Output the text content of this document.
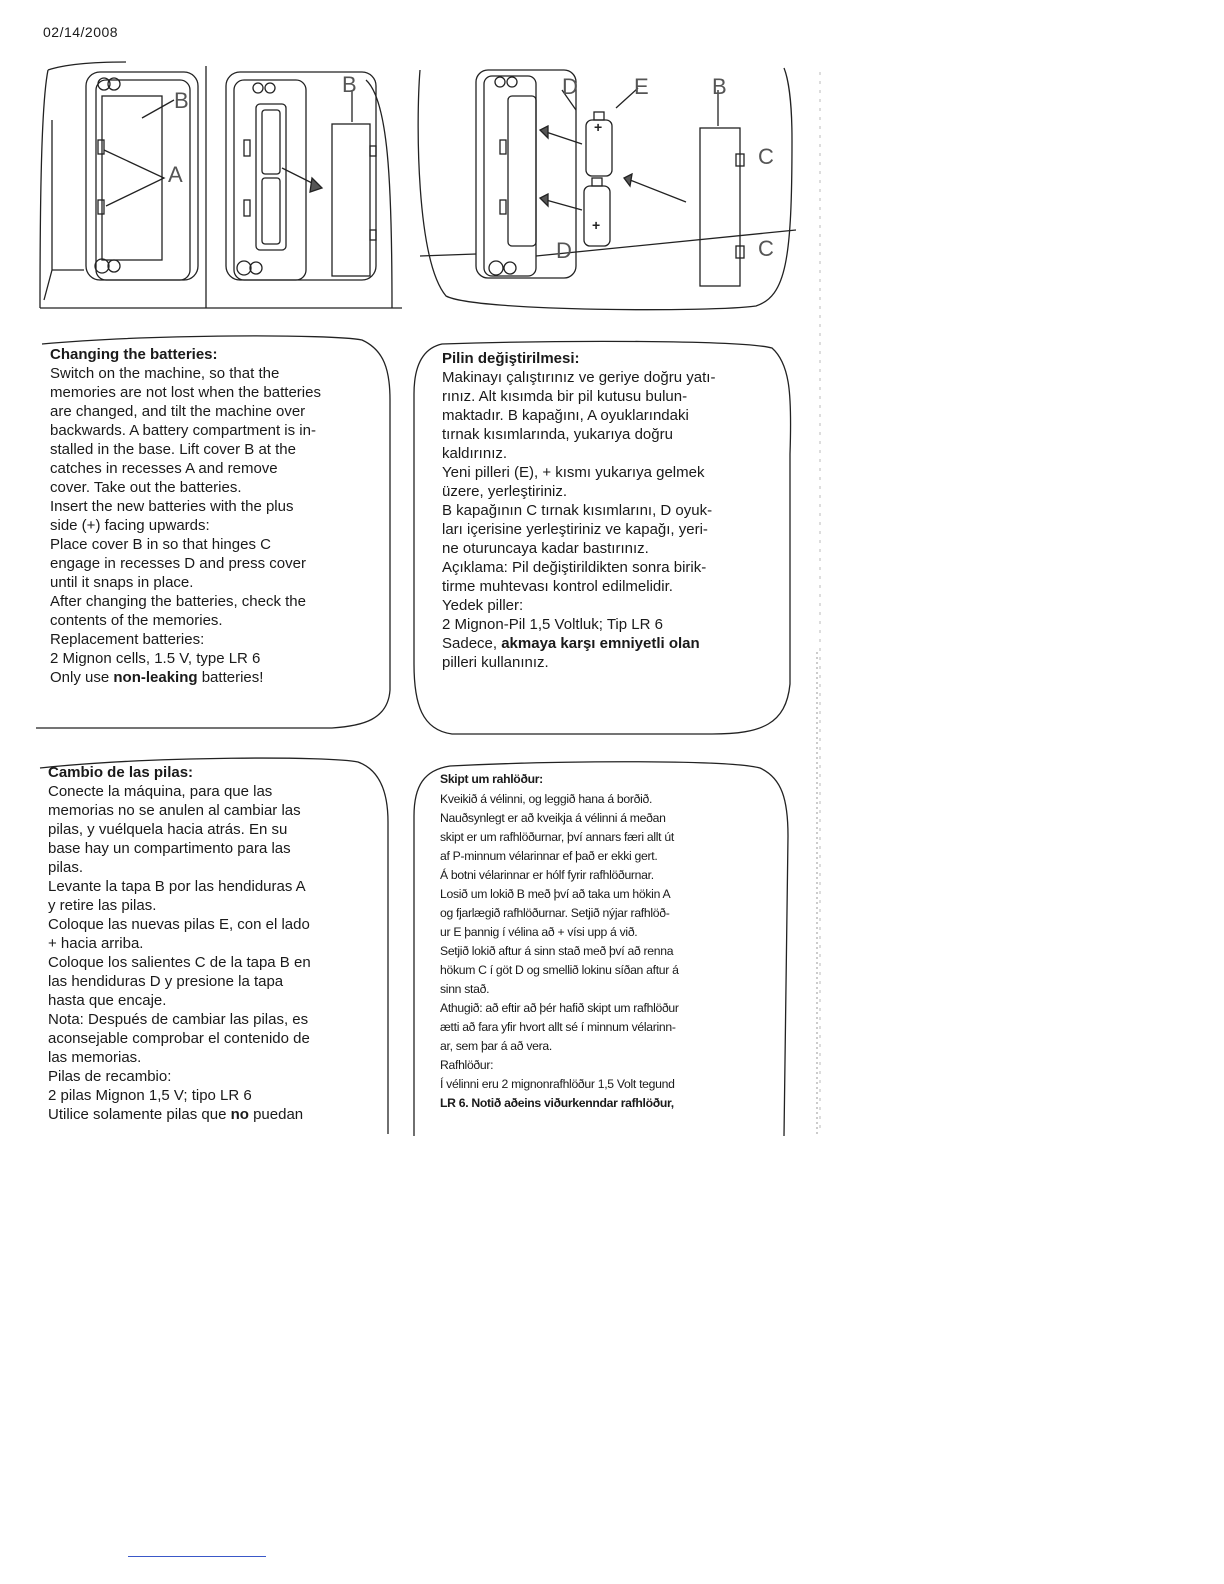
02/14/2008
B
A
B
+
+
D	E	B
C
D	C
Changing the batteries:
Switch on the machine, so that the
memories are not lost when the batteries
are changed, and tilt the machine over
backwards. A battery compartment is in-
stalled in the base. Lift cover B at the
catches in recesses A and remove
cover. Take out the batteries.
Insert the new batteries with the plus
side (+) facing upwards:
Place cover B in so that hinges C
engage in recesses D and press cover
until it snaps in place.
After changing the batteries, check the
contents of the memories.
Replacement batteries:
2 Mignon cells, 1.5 V, type LR 6
Only use non-leaking batteries!
Pilin değiştirilmesi:
Makinayı çalıştırınız ve geriye doğru yatı-
rınız. Alt kısımda bir pil kutusu bulun-
maktadır. B kapağını, A oyuklarındaki
tırnak kısımlarında, yukarıya doğru
kaldırınız.
Yeni pilleri (E), + kısmı yukarıya gelmek
üzere, yerleştiriniz.
B kapağının C tırnak kısımlarını, D oyuk-
ları içerisine yerleştiriniz ve kapağı, yeri-
ne oturuncaya kadar bastırınız.
Açıklama: Pil değiştirildikten sonra birik-
tirme muhtevası kontrol edilmelidir.
Yedek piller:
2 Mignon-Pil 1,5 Voltluk; Tip LR 6
Sadece, akmaya karşı emniyetli olan
pilleri kullanınız.
Cambio de las pilas:
Conecte la máquina, para que las
memorias no se anulen al cambiar las
pilas, y vuélquela hacia atrás. En su
base hay un compartimento para las
pilas.
Levante la tapa B por las hendiduras A
y retire las pilas.
Coloque las nuevas pilas E, con el lado
+ hacia arriba.
Coloque los salientes C de la tapa B en
las hendiduras D y presione la tapa
hasta que encaje.
Nota: Después de cambiar las pilas, es
aconsejable comprobar el contenido de
las memorias.
Pilas de recambio:
2 pilas Mignon 1,5 V; tipo LR 6
Utilice solamente pilas que no puedan
Skipt um rahlöður:
Kveikið á vélinni, og leggið hana á borðið.
Nauðsynlegt er að kveikja á vélinni á meðan
skipt er um rafhlöðurnar, því annars færi allt út
af P-minnum vélarinnar ef það er ekki gert.
Á botni vélarinnar er hólf fyrir rafhlöðurnar.
Losið um lokið B með því að taka um hökin A
og fjarlægið rafhlöðurnar. Setjið nýjar rafhlöð-
ur E þannig í vélina að + vísi upp á við.
Setjið lokið aftur á sinn stað með því að renna
hökum C í göt D og smellið lokinu síðan aftur á
sinn stað.
Athugið: að eftir að þér hafið skipt um rafhlöður
ætti að fara yfir hvort allt sé í minnum vélarinn-
ar, sem þar á að vera.
Rafhlöður:
Í vélinni eru 2 mignonrafhlöður 1,5 Volt tegund
LR 6. Notið aðeins viðurkenndar rafhlöður,
